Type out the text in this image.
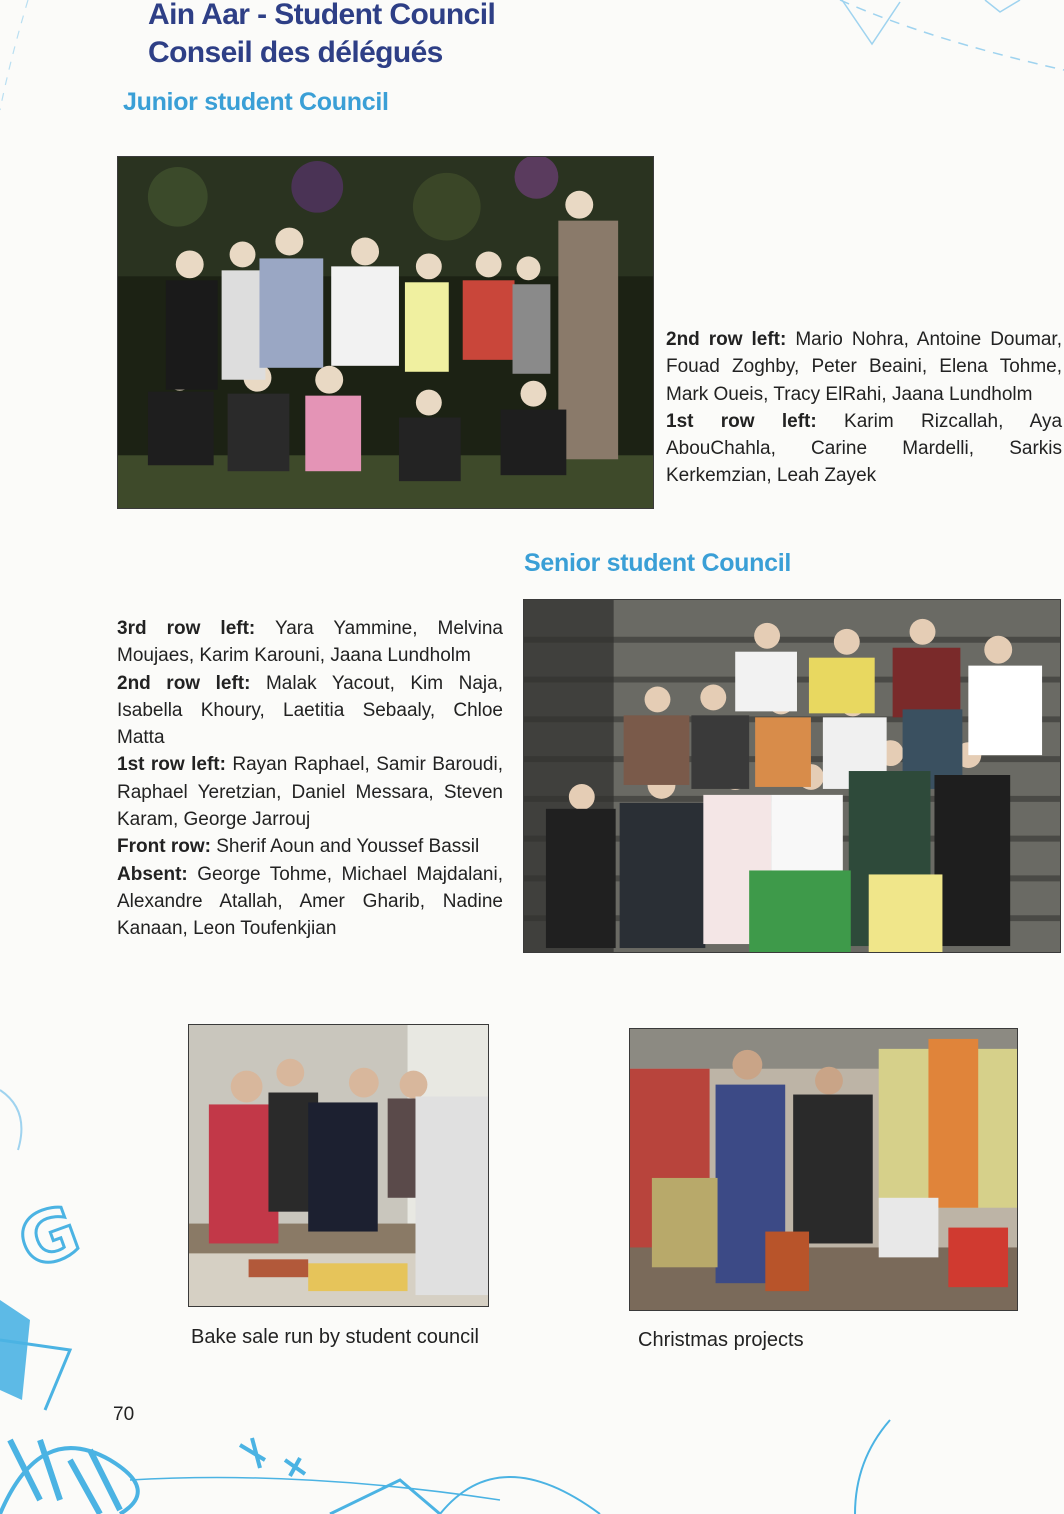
G
Ain Aar - Student Council
Conseil des délégués
Junior student Council

2nd row left: Mario Nohra, Antoine Doumar, Fouad Zoghby, Peter Beaini, Elena Tohme, Mark Oueis, Tracy ElRahi, Jaana Lundholm

1st row left: Karim Rizcallah, Aya AbouChahla, Carine Mardelli, Sarkis Kerkemzian, Leah Zayek

Senior student Council

3rd row left: Yara Yammine, Melvina Moujaes, Karim Karouni, Jaana Lundholm

2nd row left: Malak Yacout, Kim Naja, Isabella Khoury, Laetitia Sebaaly, Chloe Matta

1st row left: Rayan Raphael, Samir Baroudi, Raphael Yeretzian, Daniel Messara, Steven Karam, George Jarrouj

Front row: Sherif Aoun and Youssef Bassil

Absent: George Tohme, Michael Majdalani, Alexandre Atallah, Amer Gharib, Nadine Kanaan, Leon Toufenkjian

Bake sale run by student council	Christmas projects

70
